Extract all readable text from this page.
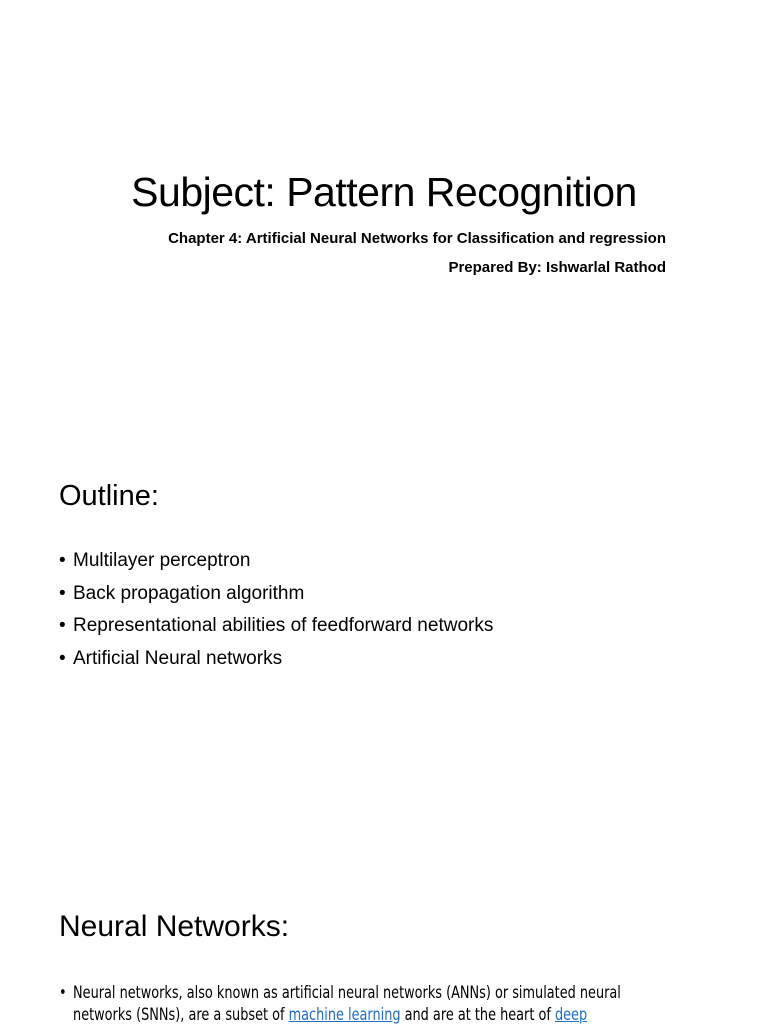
Subject: Pattern Recognition
Chapter 4: Artificial Neural Networks for Classification and regression
Prepared By: Ishwarlal Rathod
Outline:
• Multilayer perceptron
• Back propagation algorithm
• Representational abilities of feedforward networks
• Artificial Neural networks
Neural Networks:
• Neural networks, also known as artificial neural networks (ANNs) or simulated neural
networks (SNNs), are a subset of machine learning and are at the heart of deep
